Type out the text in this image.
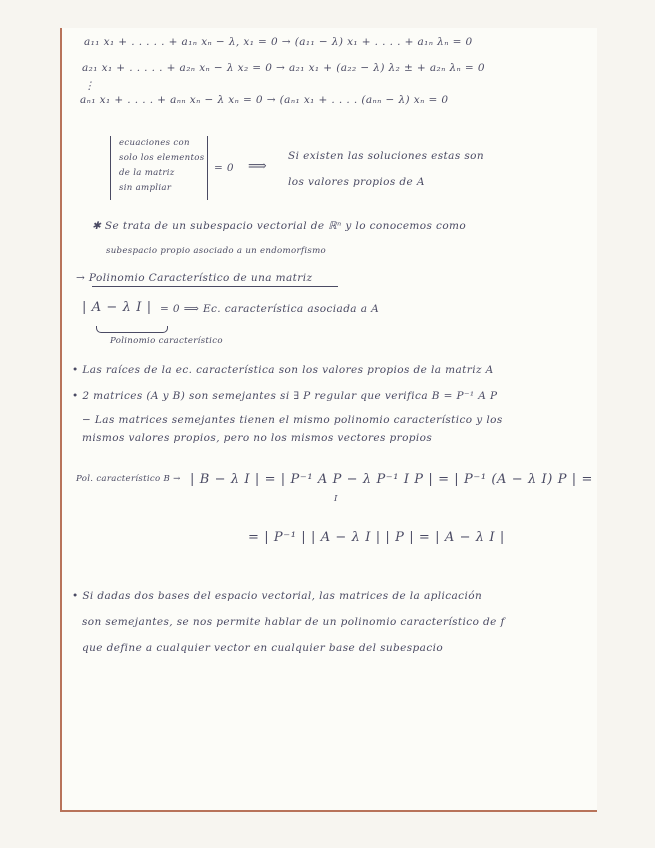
a₁₁ x₁ + . . . . . + a₁ₙ xₙ − λ, x₁ = 0 → (a₁₁ − λ) x₁ + . . . . + a₁ₙ λₙ = 0
a₂₁ x₁ + . . . . . + a₂ₙ xₙ − λ x₂ = 0 → a₂₁ x₁ + (a₂₂ − λ) λ₂ ± + a₂ₙ λₙ = 0
⋮
aₙ₁ x₁ + . . . . + aₙₙ xₙ − λ xₙ = 0 → (aₙ₁ x₁ + . . . . (aₙₙ − λ) xₙ = 0
ecuaciones con
solo los elementos
de la matriz
sin ampliar
= 0 ⟹
Si existen las soluciones estas son
los valores propios de A
✱ Se trata de un subespacio vectorial de ℝⁿ y lo conocemos como
subespacio propio asociado a un endomorfismo
→ Polinomio Característico de una matriz
| A − λ I | = 0 ⟹ Ec. característica asociada a A
Polinomio característico
• Las raíces de la ec. característica son los valores propios de la matriz A
• 2 matrices (A y B) son semejantes si ∃ P regular que verifica B = P⁻¹ A P
− Las matrices semejantes tienen el mismo polinomio característico y los
mismos valores propios, pero no los mismos vectores propios
Pol. característico B → | B − λ I | = | P⁻¹ A P − λ P⁻¹ I P | = | P⁻¹ (A − λ I) P | =
I
= | P⁻¹ | | A − λ I | | P | = | A − λ I |
• Si dadas dos bases del espacio vectorial, las matrices de la aplicación
son semejantes, se nos permite hablar de un polinomio característico de f
que define a cualquier vector en cualquier base del subespacio
